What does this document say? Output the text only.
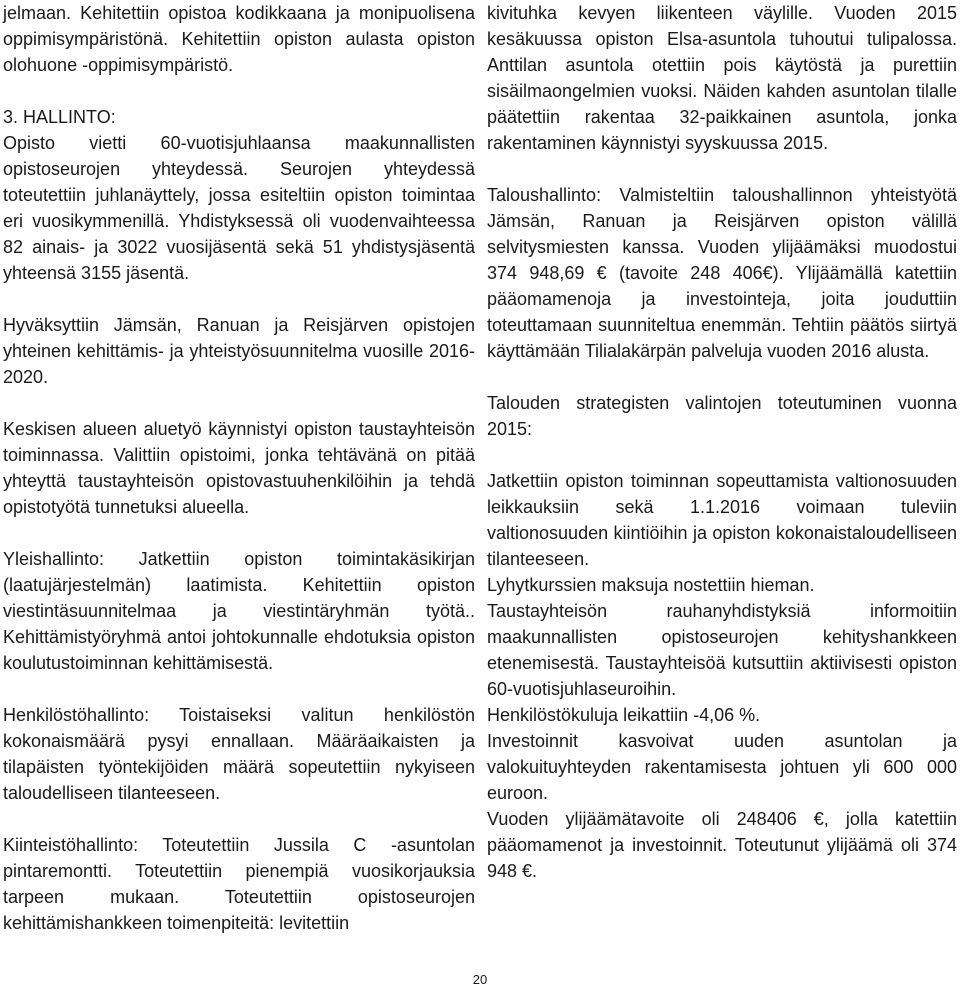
jelmaan. Kehitettiin opistoa kodikkaana ja monipuolisena oppimisympäristönä. Kehitettiin opiston aulasta opiston olohuone -oppimisympäristö.

3. HALLINTO:

Opisto vietti 60-vuotisjuhlaansa maakunnallisten opistoseurojen yhteydessä. Seurojen yhteydessä toteutettiin juhlanäyttely, jossa esiteltiin opiston toimintaa eri vuosikymmenillä. Yhdistyksessä oli vuodenvaihteessa 82 ainais- ja 3022 vuosijäsentä sekä 51 yhdistysjäsentä yhteensä 3155 jäsentä.

Hyväksyttiin Jämsän, Ranuan ja Reisjärven opistojen yhteinen kehittämis- ja yhteistyösuunnitelma vuosille 2016-2020.

Keskisen alueen aluetyö käynnistyi opiston taustayhteisön toiminnassa. Valittiin opistoimi, jonka tehtävänä on pitää yhteyttä taustayhteisön opistovastuuhenkilöihin ja tehdä opistotyötä tunnetuksi alueella.

Yleishallinto: Jatkettiin opiston toimintakäsikirjan (laatujärjestelmän) laatimista. Kehitettiin opiston viestintäsuunnitelmaa ja viestintäryhmän työtä.. Kehittämistyöryhmä antoi johtokunnalle ehdotuksia opiston koulutustoiminnan kehittämisestä.

Henkilöstöhallinto: Toistaiseksi valitun henkilöstön kokonaismäärä pysyi ennallaan. Määräaikaisten ja tilapäisten työntekijöiden määrä sopeutettiin nykyiseen taloudelliseen tilanteeseen.

Kiinteistöhallinto: Toteutettiin Jussila C -asuntolan pintaremontti. Toteutettiin pienempiä vuosikorjauksia tarpeen mukaan. Toteutettiin opistoseurojen kehittämishankkeen toimenpiteitä: levitettiin

kivituhka kevyen liikenteen väylille. Vuoden 2015 kesäkuussa opiston Elsa-asuntola tuhoutui tulipalossa. Anttilan asuntola otettiin pois käytöstä ja purettiin sisäilmaongelmien vuoksi. Näiden kahden asuntolan tilalle päätettiin rakentaa 32-paikkainen asuntola, jonka rakentaminen käynnistyi syyskuussa 2015.

Taloushallinto: Valmisteltiin taloushallinnon yhteistyötä Jämsän, Ranuan ja Reisjärven opiston välillä selvitysmiesten kanssa. Vuoden ylijäämäksi muodostui 374 948,69 € (tavoite 248 406€). Ylijäämällä katettiin pääomamenoja ja investointeja, joita jouduttiin toteuttamaan suunniteltua enemmän. Tehtiin päätös siirtyä käyttämään Tilialakärpän palveluja vuoden 2016 alusta.

Talouden strategisten valintojen toteutuminen vuonna 2015:

Jatkettiin opiston toiminnan sopeuttamista valtionosuuden leikkauksiin sekä 1.1.2016 voimaan tuleviin valtionosuuden kiintiöihin ja opiston kokonaistaloudelliseen tilanteeseen.

Lyhytkurssien maksuja nostettiin hieman.

Taustayhteisön rauhanyhdistyksiä informoitiin maakunnallisten opistoseurojen kehityshankkeen etenemisestä. Taustayhteisöä kutsuttiin aktiivisesti opiston 60-vuotisjuhlaseuroihin.

Henkilöstökuluja leikattiin -4,06 %.

Investoinnit kasvoivat uuden asuntolan ja valokuituyhteyden rakentamisesta johtuen yli 600 000 euroon.

Vuoden ylijäämätavoite oli 248406 €, jolla katettiin pääomamenot ja investoinnit. Toteutunut ylijäämä oli 374 948 €.

20
